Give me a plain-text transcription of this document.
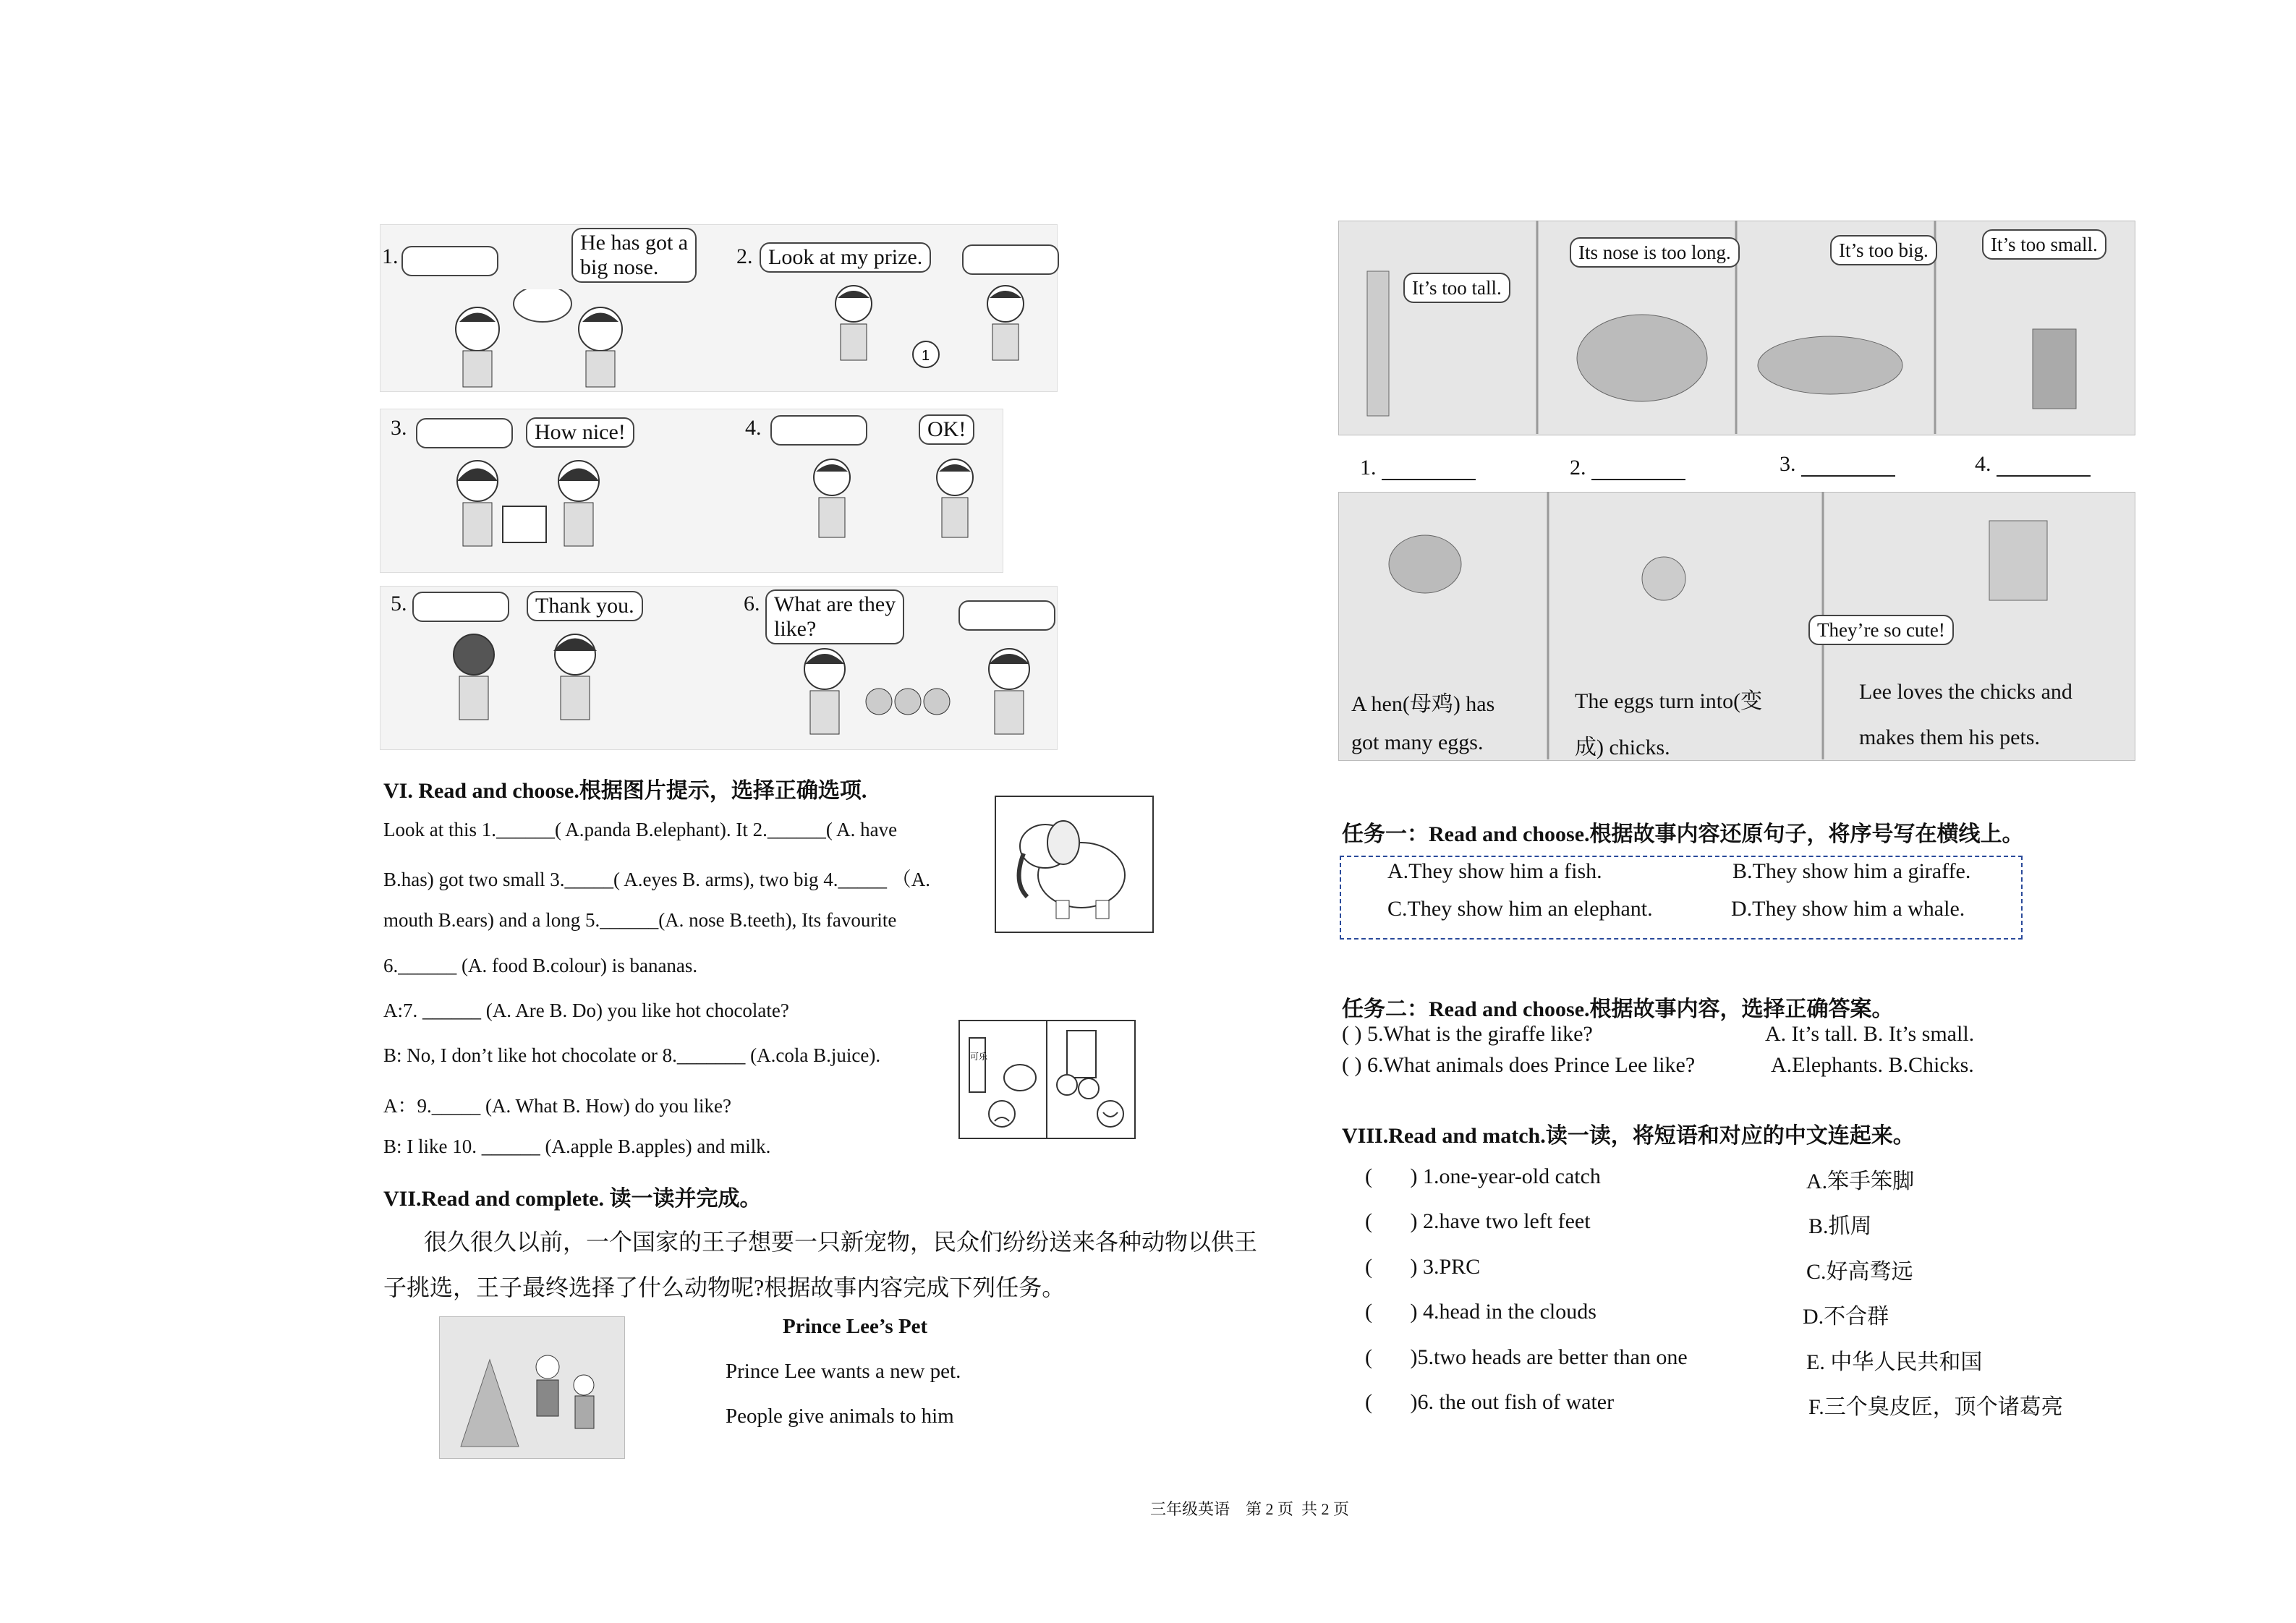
1.
He has got a
big nose.	2. Look at my prize.
1
3.	How nice!	4.	OK!
5.	Thank you.	6. What are they
like?
VI. Read and choose.根据图片提示，选择正确选项.
Look at this 1.______( A.panda B.elephant). It 2.______( A. have
B.has) got two small 3._____( A.eyes B. arms), two big 4._____ （A.
mouth B.ears) and a long 5.______(A. nose B.teeth), Its favourite
6.______ (A. food B.colour) is bananas.
A:7. ______ (A. Are B. Do) you like hot chocolate?
B: No, I don’t like hot chocolate or 8._______ (A.cola B.juice).
A：9._____ (A. What B. How) do you like?
B: I like 10. ______ (A.apple B.apples) and milk.
可乐
VII.Read and complete. 读一读并完成。
很久很久以前，一个国家的王子想要一只新宠物，民众们纷纷送来各种动物以供王
子挑选，王子最终选择了什么动物呢?根据故事内容完成下列任务。
Prince Lee’s Pet
Prince Lee wants a new pet.
People give animals to him
It’s too tall.
Its nose is too long.	It’s too big.	It’s too small.
1.	2.	3.	4.
They’re so cute!
A hen(母鸡) has
got many eggs.
The eggs turn into(变
成) chicks.
Lee loves the chicks and
makes them his pets.
任务一：Read and choose.根据故事内容还原句子，将序号写在横线上。
A.They show him a fish.	B.They show him a giraffe.
C.They show him an elephant.	D.They show him a whale.
任务二：Read and choose.根据故事内容，选择正确答案。
( ) 5.What is the giraffe like?	A. It’s tall. B. It’s small.
( ) 6.What animals does Prince Lee like?	A.Elephants. B.Chicks.
VIII.Read and match.读一读，将短语和对应的中文连起来。
(       ) 1.one-year-old catch	A.笨手笨脚
(       ) 2.have two left feet	B.抓周
(       ) 3.PRC	C.好高骛远
(       ) 4.head in the clouds	D.不合群
(       )5.two heads are better than one	E. 中华人民共和国
(       )6. the out fish of water	F.三个臭皮匠，顶个诸葛亮
三年级英语    第 2 页  共 2 页
